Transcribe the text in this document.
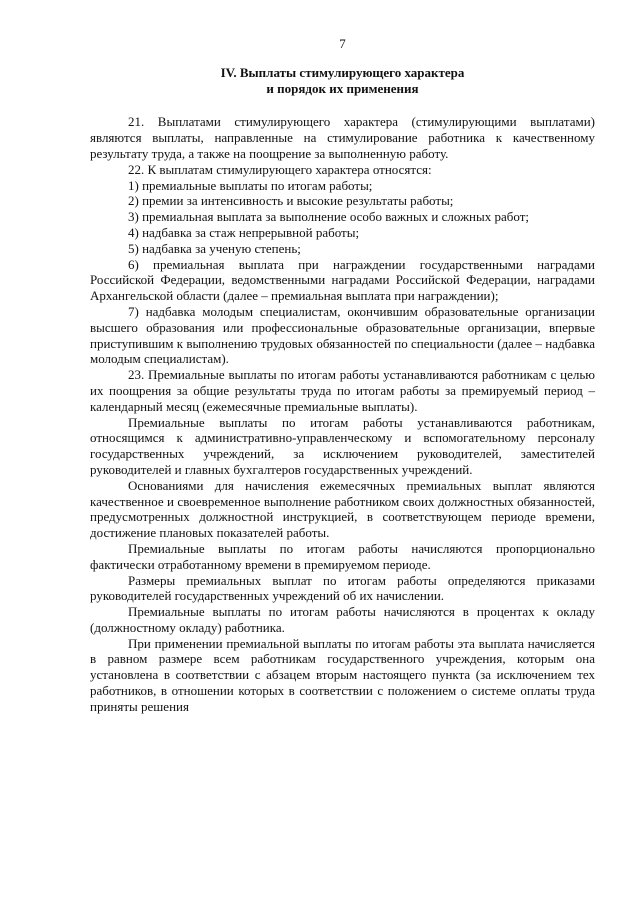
7
IV. Выплаты стимулирующего характера
и порядок их применения

21. Выплатами стимулирующего характера (стимулирующими выплатами) являются выплаты, направленные на стимулирование работника к качественному результату труда, а также на поощрение за выполненную работу.

22. К выплатам стимулирующего характера относятся:

1) премиальные выплаты по итогам работы;

2) премии за интенсивность и высокие результаты работы;

3) премиальная выплата за выполнение особо важных и сложных работ;

4) надбавка за стаж непрерывной работы;

5) надбавка за ученую степень;

6) премиальная выплата при награждении государственными наградами Российской Федерации, ведомственными наградами Российской Федерации, наградами Архангельской области (далее – премиальная выплата при награждении);

7) надбавка молодым специалистам, окончившим образовательные организации высшего образования или профессиональные образовательные организации, впервые приступившим к выполнению трудовых обязанностей по специальности (далее – надбавка молодым специалистам).

23. Премиальные выплаты по итогам работы устанавливаются работникам с целью их поощрения за общие результаты труда по итогам работы за премируемый период – календарный месяц (ежемесячные премиальные выплаты).

Премиальные выплаты по итогам работы устанавливаются работникам, относящимся к административно-управленческому и вспомогательному персоналу государственных учреждений, за исключением руководителей, заместителей руководителей и главных бухгалтеров государственных учреждений.

Основаниями для начисления ежемесячных премиальных выплат являются качественное и своевременное выполнение работником своих должностных обязанностей, предусмотренных должностной инструкцией, в соответствующем периоде времени, достижение плановых показателей работы.

Премиальные выплаты по итогам работы начисляются пропорционально фактически отработанному времени в премируемом периоде.

Размеры премиальных выплат по итогам работы определяются приказами руководителей государственных учреждений об их начислении.

Премиальные выплаты по итогам работы начисляются в процентах к окладу (должностному окладу) работника.

При применении премиальной выплаты по итогам работы эта выплата начисляется в равном размере всем работникам государственного учреждения, которым она установлена в соответствии с абзацем вторым настоящего пункта (за исключением тех работников, в отношении которых в соответствии с положением о системе оплаты труда приняты решения
